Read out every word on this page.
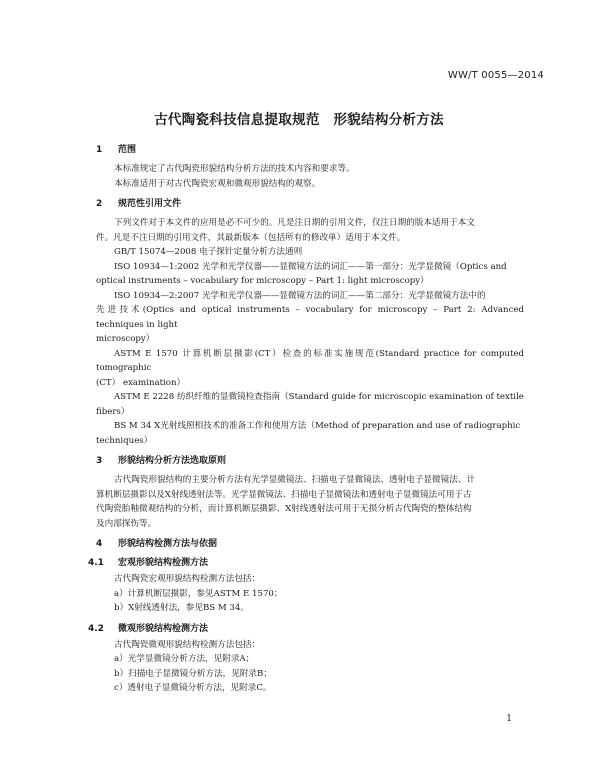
WW/T 0055—2014
古代陶瓷科技信息提取规范　形貌结构分析方法
1 范围

本标准规定了古代陶瓷形貌结构分析方法的技术内容和要求等。

本标准适用于对古代陶瓷宏观和微观形貌结构的观察。

2 规范性引用文件

下列文件对于本文件的应用是必不可少的。凡是注日期的引用文件，仅注日期的版本适用于本文

件。凡是不注日期的引用文件，其最新版本（包括所有的修改单）适用于本文件。

GB/T 15074—2008 电子探针定量分析方法通则

ISO 10934—1:2002 光学和光学仪器——显微镜方法的词汇——第一部分：光学显微镜（Optics and

optical instruments – vocabulary for microscopy – Part 1: light microscopy）

ISO 10934—2:2007 光学和光学仪器——显微镜方法的词汇——第二部分：光学显微镜方法中的

先进技术(Optics and optical instruments – vocabulary for microscopy – Part 2: Advanced techniques in light

microscopy）

ASTM E 1570 计算机断层摄影(CT）检查的标准实施规范(Standard practice for computed tomographic

(CT） examination）

ASTM E 2228 纺织纤维的显微镜检查指南（Standard guide for microscopic examination of textile

fibers）

BS M 34 X光射线照相技术的准备工作和使用方法（Method of preparation and use of radiographic

techniques）

3 形貌结构分析方法选取原则

古代陶瓷形貌结构的主要分析方法有光学显微镜法、扫描电子显微镜法、透射电子显微镜法、计

算机断层摄影以及X射线透射法等。光学显微镜法、扫描电子显微镜法和透射电子显微镜法可用于古

代陶瓷胎釉微观结构的分析，而计算机断层摄影、X射线透射法可用于无损分析古代陶瓷的整体结构

及内部探伤等。

4 形貌结构检测方法与依据
4.1 宏观形貌结构检测方法

古代陶瓷宏观形貌结构检测方法包括：

a）计算机断层摄影，参见ASTM E 1570；

b）X射线透射法，参见BS M 34。

4.2 微观形貌结构检测方法

古代陶瓷微观形貌结构检测方法包括：

a）光学显微镜分析方法，见附录A；

b）扫描电子显微镜分析方法，见附录B；

c）透射电子显微镜分析方法，见附录C。

1
